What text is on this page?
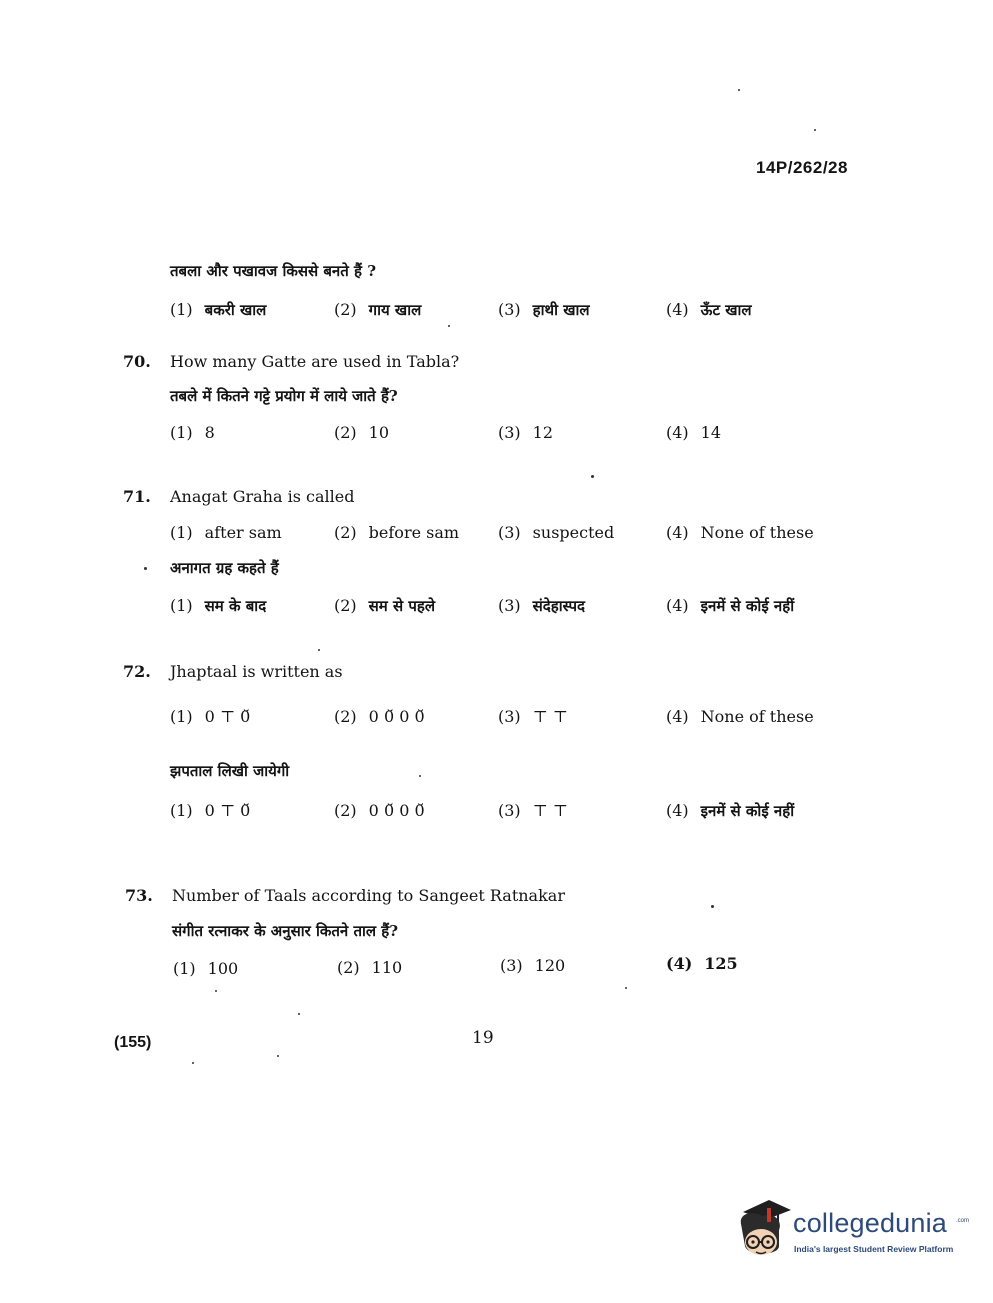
14P/262/28
तबला और पखावज किससे बनते हैं ?
(1) बकरी खाल	(2) गाय खाल	(3) हाथी खाल	(4) ऊँट खाल
70. How many Gatte are used in Tabla?
तबले में कितने गट्टे प्रयोग में लाये जाते हैं?
(1) 8	(2) 10	(3) 12	(4) 14
71. Anagat Graha is called
(1) after sam	(2) before sam (3) suspected	(4) None of these
अनागत ग्रह कहते हैं
(1) सम के बाद	(2) सम से पहले	(3) संदेहास्पद	(4) इनमें से कोई नहीं
72. Jhaptaal is written as
(1) 0 ⊤ 0̆	(2) 0 0̆ 0 0̆	(3) ⊤ ⊤	(4) None of these
झपताल लिखी जायेगी
(1) 0 ⊤ 0̆	(2) 0 0̆ 0 0̆	(3) ⊤ ⊤	(4) इनमें से कोई नहीं
73. Number of Taals according to Sangeet Ratnakar
संगीत रत्नाकर के अनुसार कितने ताल हैं?
(1) 100	(2) 110	(3) 120	(4) 125
(155)	19
collegedunia .com
India's largest Student Review Platform
